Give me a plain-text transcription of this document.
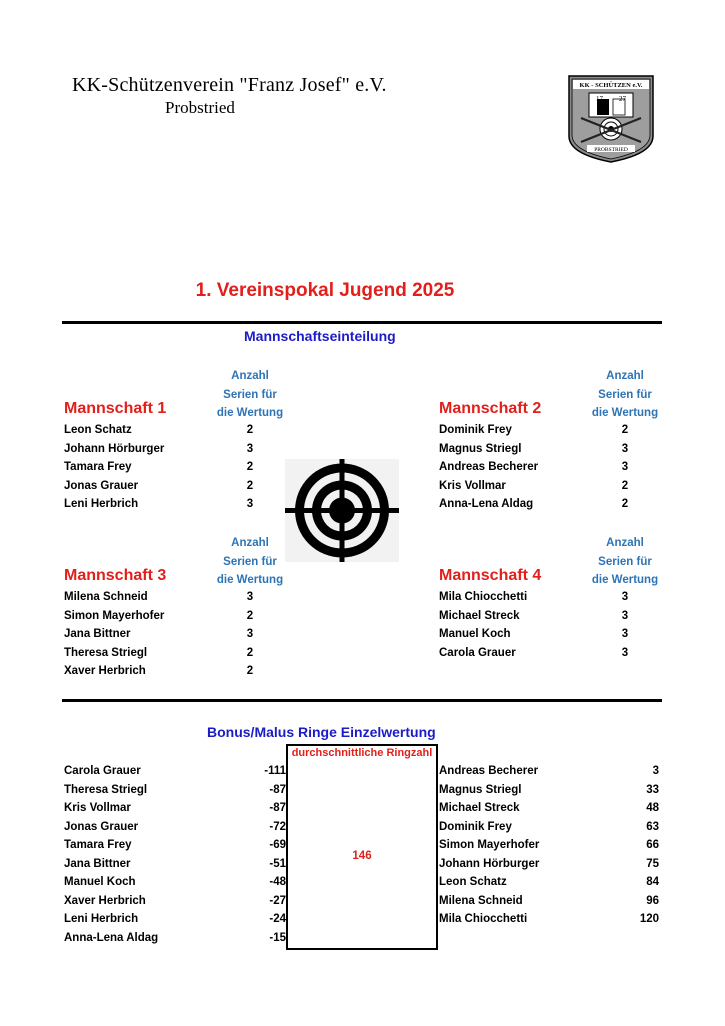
KK-Schützenverein "Franz Josef" e.V.
Probstried
KK - SCHÜTZEN e.V.
17 27
PROBSTRIED
1. Vereinspokal Jugend 2025
Mannschaftseinteilung
Mannschaft 1
Anzahl
Serien für
die Wertung
Leon Schatz	2
Johann Hörburger	3
Tamara Frey	2
Jonas Grauer	2
Leni Herbrich	3
Mannschaft 2
Anzahl
Serien für
die Wertung
Dominik Frey	2
Magnus Striegl	3
Andreas Becherer	3
Kris Vollmar	2
Anna-Lena Aldag	2
Mannschaft 3
Anzahl
Serien für
die Wertung
Milena Schneid	3
Simon Mayerhofer	2
Jana Bittner	3
Theresa Striegl	2
Xaver Herbrich	2
Mannschaft 4
Anzahl
Serien für
die Wertung
Mila Chiocchetti	3
Michael Streck	3
Manuel Koch	3
Carola Grauer	3
Bonus/Malus Ringe Einzelwertung
durchschnittliche Ringzahl
146
Carola Grauer	-111
Theresa Striegl	-87
Kris Vollmar	-87
Jonas Grauer	-72
Tamara Frey	-69
Jana Bittner	-51
Manuel Koch	-48
Xaver Herbrich	-27
Leni Herbrich	-24
Anna-Lena Aldag	-15
Andreas Becherer	3
Magnus Striegl	33
Michael Streck	48
Dominik Frey	63
Simon Mayerhofer	66
Johann Hörburger	75
Leon Schatz	84
Milena Schneid	96
Mila Chiocchetti	120
